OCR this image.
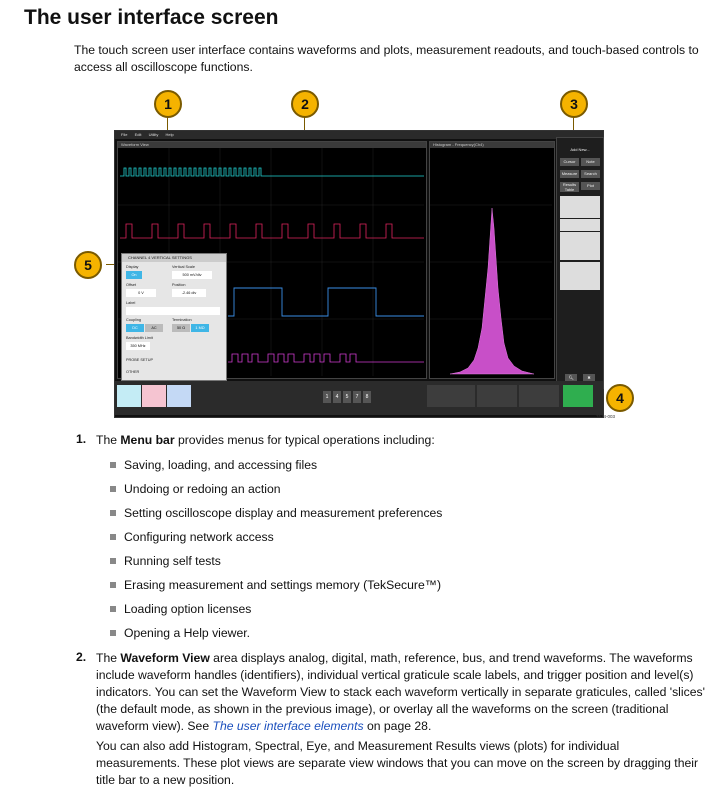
The user interface screen

The touch screen user interface contains waveforms and plots, measurement readouts, and touch-based controls to access all oscilloscope functions.

1	2	3
4
5
File Edit Utility Help
Waveform View	Histogram - Frequency(Ch4)
Add New...
Cursor	Note
Measure	Search
Results Table
Plot
🔍︎	✖
CHANNEL 4 VERTICAL SETTINGS
Display	Vertical Scale
On	500 mV/div
Offset	Position
0 V	-2.46 div
Label
Coupling	Termination
DC	AC	50 Ω	1 MΩ
Bandwidth Limit
350 MHz
PROBE SETUP
OTHER
1	4	5	7	8
3514-003
1. The Menu bar provides menus for typical operations including:
Saving, loading, and accessing files
Undoing or redoing an action
Setting oscilloscope display and measurement preferences
Configuring network access
Running self tests
Erasing measurement and settings memory (TekSecure™)
Loading option licenses
Opening a Help viewer.
2. The Waveform View area displays analog, digital, math, reference, bus, and trend waveforms. The waveforms include waveform handles (identifiers), individual vertical graticule scale labels, and trigger position and level(s) indicators. You can set the Waveform View to stack each waveform vertically in separate graticules, called 'slices' (the default mode, as shown in the previous image), or overlay all the waveforms on the screen (traditional waveform view). See The user interface elements on page 28.

You can also add Histogram, Spectral, Eye, and Measurement Results views (plots) for individual measurements. These plot views are separate view windows that you can move on the screen by dragging their title bar to a new position.
